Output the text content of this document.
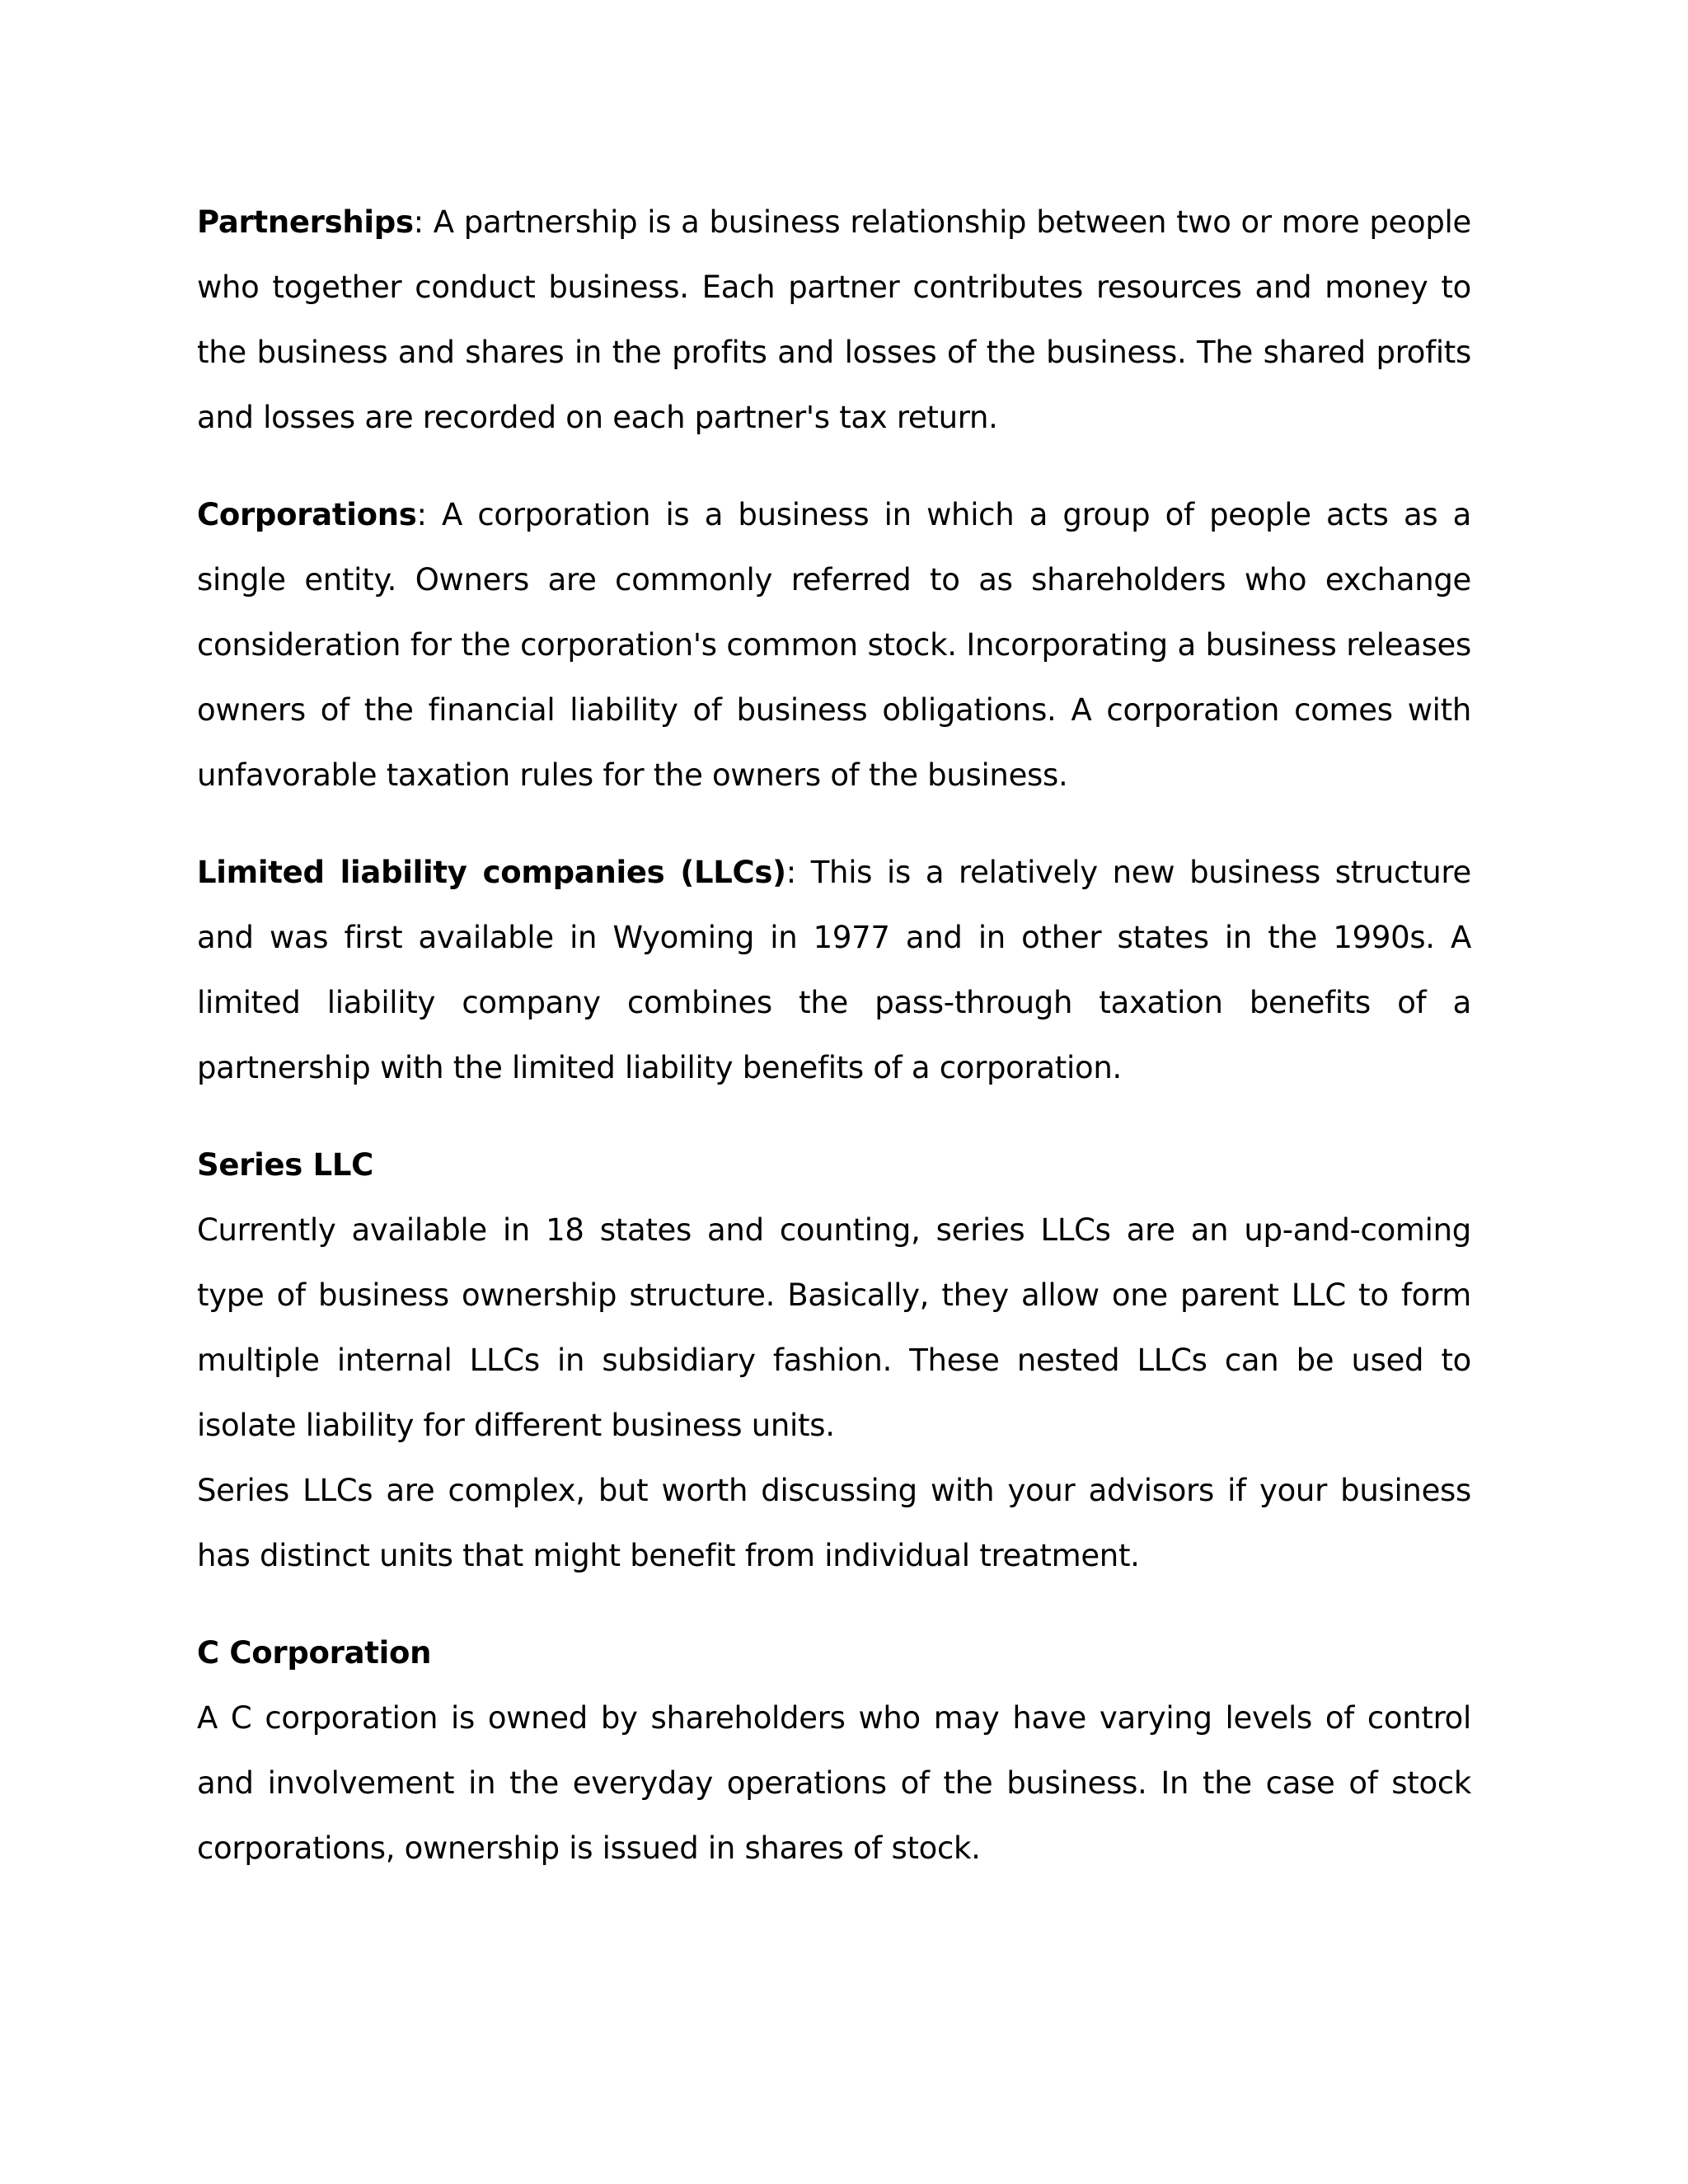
Partnerships: A partnership is a business relationship between two or more people who together conduct business. Each partner contributes resources and money to the business and shares in the profits and losses of the business. The shared profits and losses are recorded on each partner's tax return.

Corporations: A corporation is a business in which a group of people acts as a single entity. Owners are commonly referred to as shareholders who exchange consideration for the corporation's common stock. Incorporating a business releases owners of the financial liability of business obligations. A corporation comes with unfavorable taxation rules for the owners of the business.

Limited liability companies (LLCs): This is a relatively new business structure and was first available in Wyoming in 1977 and in other states in the 1990s. A limited liability company combines the pass-through taxation benefits of a partnership with the limited liability benefits of a corporation.

Series LLC

Currently available in 18 states and counting, series LLCs are an up-and-coming type of business ownership structure. Basically, they allow one parent LLC to form multiple internal LLCs in subsidiary fashion. These nested LLCs can be used to isolate liability for different business units.

Series LLCs are complex, but worth discussing with your advisors if your business has distinct units that might benefit from individual treatment.

C Corporation

A C corporation is owned by shareholders who may have varying levels of control and involvement in the everyday operations of the business. In the case of stock corporations, ownership is issued in shares of stock.
